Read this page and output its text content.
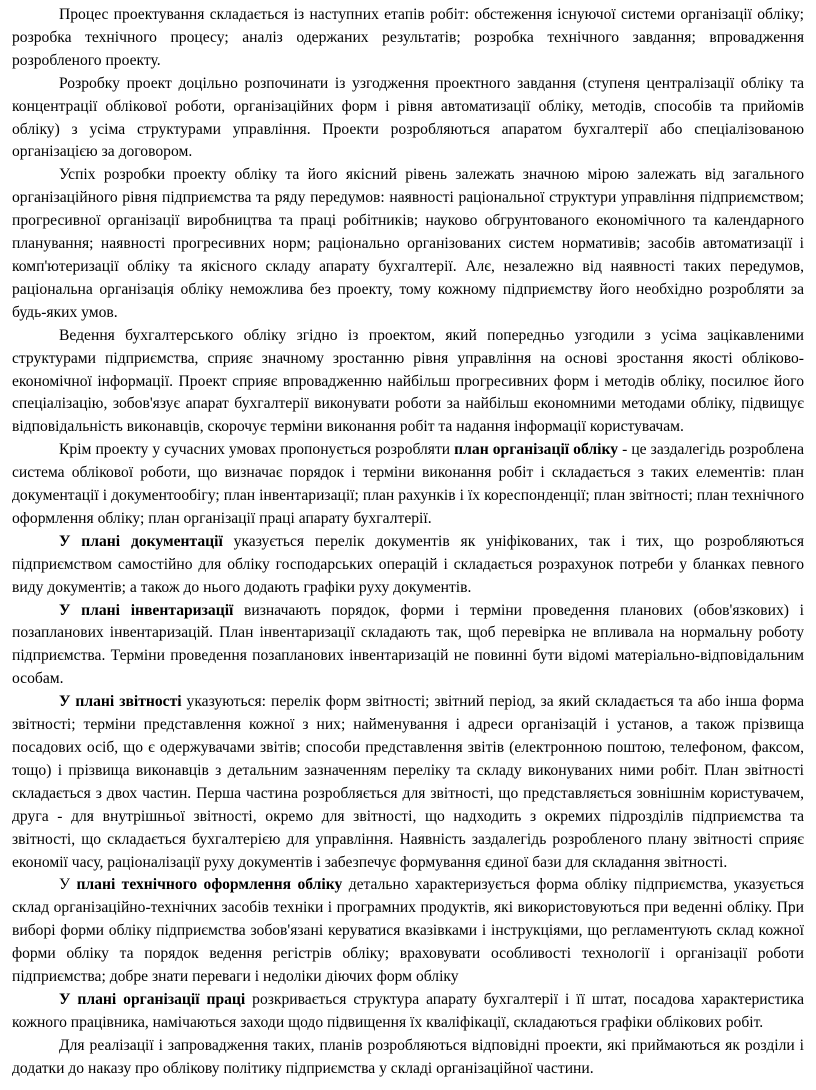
Процес проектування складається із наступних етапів робіт: обстеження існуючої системи організації обліку; розробка технічного процесу; аналіз одержаних результатів; розробка технічного завдання; впровадження розробленого проекту.

Розробку проект доцільно розпочинати із узгодження проектного завдання (ступеня централізації обліку та концентрації облікової роботи, організаційних форм і рівня автоматизації обліку, методів, способів та прийомів обліку) з усіма структурами управління. Проекти розробляються апаратом бухгалтерії або спеціалізованою організацією за договором.

Успіх розробки проекту обліку та його якісний рівень залежать значною мірою залежать від загального організаційного рівня підприємства та ряду передумов: наявності раціональної структури управління підприємством; прогресивної організації виробництва та праці робітників; науково обгрунтованого економічного та календарного планування; наявності прогресивних норм; раціонально організованих систем нормативів; засобів автоматизації і комп'ютеризації обліку та якісного складу апарату бухгалтерії. Алє, незалежно від наявності таких передумов, раціональна організація обліку неможлива без проекту, тому кожному підприємству його необхідно розробляти за будь-яких умов.

Ведення бухгалтерського обліку згідно із проектом, який попередньо узгодили з усіма зацікавленими структурами підприємства, сприяє значному зростанню рівня управління на основі зростання якості обліково-економічної інформації. Проект сприяє впровадженню найбільш прогресивних форм і методів обліку, посилює його спеціалізацію, зобов'язує апарат бухгалтерії виконувати роботи за найбільш економними методами обліку, підвищує відповідальність виконавців, скорочує терміни виконання робіт та надання інформації користувачам.

Крім проекту у сучасних умовах пропонується розробляти план організації обліку - це заздалегідь розроблена система облікової роботи, що визначає порядок і терміни виконання робіт і складається з таких елементів: план документації і документообігу; план інвентаризації; план рахунків і їх кореспонденції; план звітності; план технічного оформлення обліку; план організації праці апарату бухгалтерії.

У плані документації указується перелік документів як уніфікованих, так і тих, що розробляються підприємством самостійно для обліку господарських операцій і складається розрахунок потреби у бланках певного виду документів; а також до нього додають графіки руху документів.

У плані інвентаризації визначають порядок, форми і терміни проведення планових (обов'язкових) і позапланових інвентаризацій. План інвентаризації складають так, щоб перевірка не впливала на нормальну роботу підприємства. Терміни проведення позапланових інвентаризацій не повинні бути відомі матеріально-відповідальним особам.

У плані звітності указуються: перелік форм звітності; звітний період, за який складається та або інша форма звітності; терміни представлення кожної з них; найменування і адреси організацій і установ, а також прізвища посадових осіб, що є одержувачами звітів; способи представлення звітів (електронною поштою, телефоном, факсом, тощо) і прізвища виконавців з детальним зазначенням переліку та складу виконуваних ними робіт. План звітності складається з двох частин. Перша частина розробляється для звітності, що представляється зовнішнім користувачем, друга - для внутрішньої звітності, окремо для звітності, що надходить з окремих підрозділів підприємства та звітності, що складається бухгалтерією для управління. Наявність заздалегідь розробленого плану звітності сприяє економії часу, раціоналізації руху документів і забезпечує формування єдиної бази для складання звітності.

У плані технічного оформлення обліку детально характеризується форма обліку підприємства, указується склад організаційно-технічних засобів техніки і програмних продуктів, які використовуються при веденні обліку. При виборі форми обліку підприємства зобов'язані керуватися вказівками і інструкціями, що регламентують склад кожної форми обліку та порядок ведення регістрів обліку; враховувати особливості технології і організації роботи підприємства; добре знати переваги і недоліки діючих форм обліку

У плані організації праці розкривається структура апарату бухгалтерії і її штат, посадова характеристика кожного працівника, намічаються заходи щодо підвищення їх кваліфікації, складаються графіки облікових робіт.

Для реалізації і запровадження таких, планів розробляються відповідні проекти, які приймаються як розділи і додатки до наказу про облікову політику підприємства у складі організаційної частини.
